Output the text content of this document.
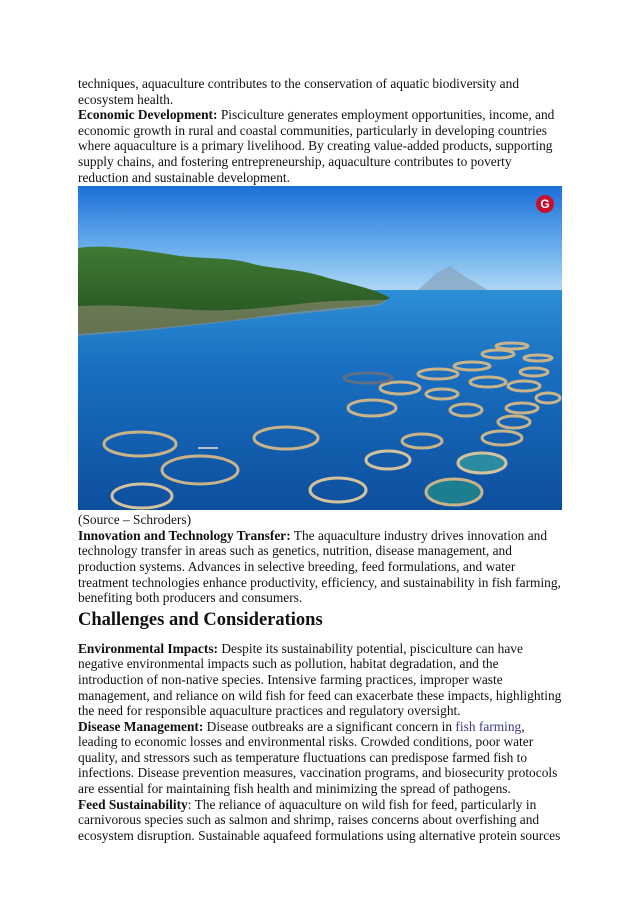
techniques, aquaculture contributes to the conservation of aquatic biodiversity and ecosystem health.

Economic Development: Pisciculture generates employment opportunities, income, and economic growth in rural and coastal communities, particularly in developing countries where aquaculture is a primary livelihood. By creating value-added products, supporting supply chains, and fostering entrepreneurship, aquaculture contributes to poverty reduction and sustainable development.

G

(Source – Schroders)

Innovation and Technology Transfer: The aquaculture industry drives innovation and technology transfer in areas such as genetics, nutrition, disease management, and production systems. Advances in selective breeding, feed formulations, and water treatment technologies enhance productivity, efficiency, and sustainability in fish farming, benefiting both producers and consumers.

Challenges and Considerations

Environmental Impacts: Despite its sustainability potential, pisciculture can have negative environmental impacts such as pollution, habitat degradation, and the introduction of non-native species. Intensive farming practices, improper waste management, and reliance on wild fish for feed can exacerbate these impacts, highlighting the need for responsible aquaculture practices and regulatory oversight.

Disease Management: Disease outbreaks are a significant concern in fish farming, leading to economic losses and environmental risks. Crowded conditions, poor water quality, and stressors such as temperature fluctuations can predispose farmed fish to infections. Disease prevention measures, vaccination programs, and biosecurity protocols are essential for maintaining fish health and minimizing the spread of pathogens.

Feed Sustainability: The reliance of aquaculture on wild fish for feed, particularly in carnivorous species such as salmon and shrimp, raises concerns about overfishing and ecosystem disruption. Sustainable aquafeed formulations using alternative protein sources
